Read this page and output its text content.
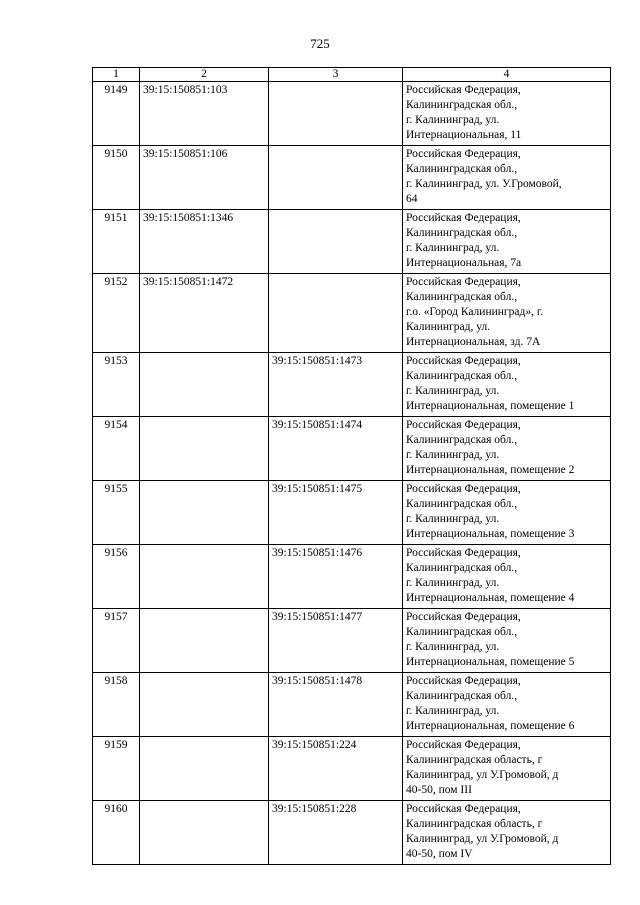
725
1	2	3	4
9149	39:15:150851:103		Российская Федерация,
Калининградская обл.,
г. Калининград, ул.
Интернациональная, 11
9150	39:15:150851:106		Российская Федерация,
Калининградская обл.,
г. Калининград, ул. У.Громовой,
64
9151	39:15:150851:1346		Российская Федерация,
Калининградская обл.,
г. Калининград, ул.
Интернациональная, 7а
9152	39:15:150851:1472		Российская Федерация,
Калининградская обл.,
г.о. «Город Калининград», г.
Калининград, ул.
Интернациональная, зд. 7А
9153		39:15:150851:1473	Российская Федерация,
Калининградская обл.,
г. Калининград, ул.
Интернациональная, помещение 1
9154		39:15:150851:1474	Российская Федерация,
Калининградская обл.,
г. Калининград, ул.
Интернациональная, помещение 2
9155		39:15:150851:1475	Российская Федерация,
Калининградская обл.,
г. Калининград, ул.
Интернациональная, помещение 3
9156		39:15:150851:1476	Российская Федерация,
Калининградская обл.,
г. Калининград, ул.
Интернациональная, помещение 4
9157		39:15:150851:1477	Российская Федерация,
Калининградская обл.,
г. Калининград, ул.
Интернациональная, помещение 5
9158		39:15:150851:1478	Российская Федерация,
Калининградская обл.,
г. Калининград, ул.
Интернациональная, помещение 6
9159		39:15:150851:224	Российская Федерация,
Калининградская область, г
Калининград, ул У.Громовой, д
40-50, пом III
9160		39:15:150851:228	Российская Федерация,
Калининградская область, г
Калининград, ул У.Громовой, д
40-50, пом IV
